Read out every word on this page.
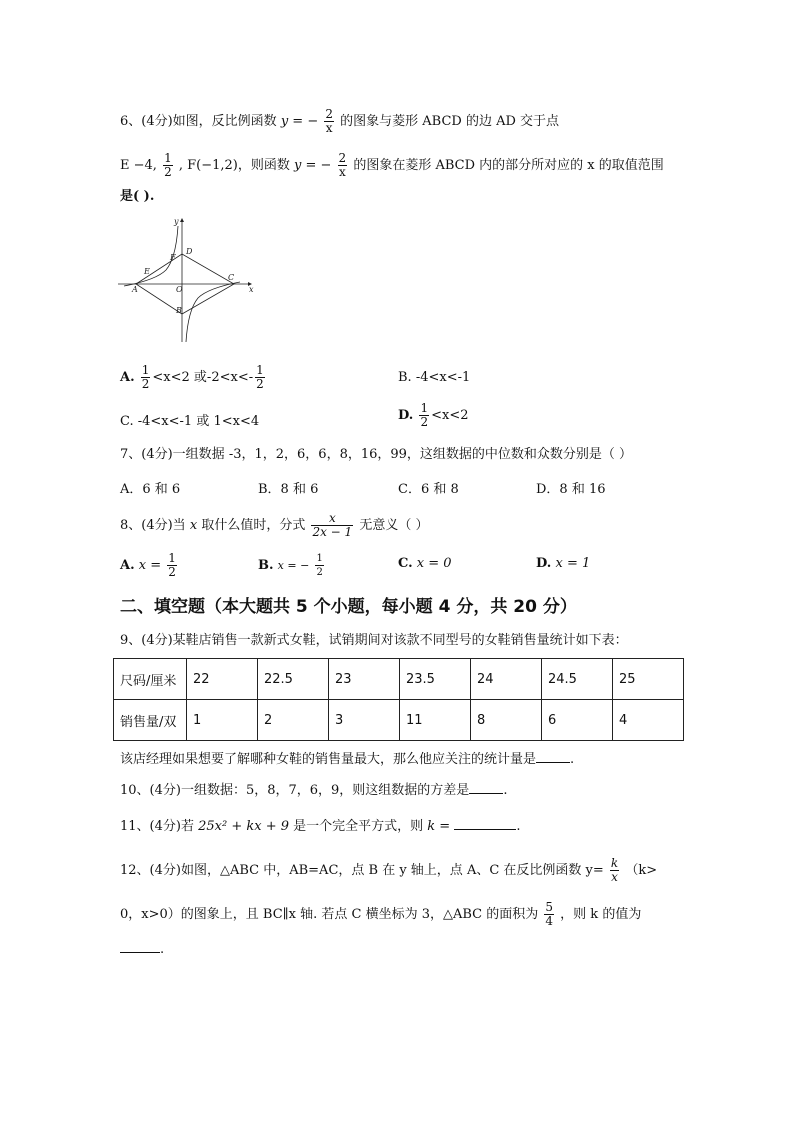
6、(4分)如图，反比例函数 y = − $\frac{2}{x}$ 的图象与菱形 ABCD 的边 AD 交于点
E −4, $\frac{1}{2}$ , F(−1,2)，则函数 y = − $\frac{2}{x}$ 的图象在菱形 ABCD 内的部分所对应的 x 的取值范围
是( ).
y
x
D
F
E
A	O
C
B
A. $\frac{1}{2} <x<2$ 或$-2<x<- \frac{1}{2}$	B. -4<x<-1
C. -4<x<-1 或 1<x<4	D. $\frac{1}{2} <x<2$
7、(4分)一组数据 -3，1，2，6，6，8，16，99，这组数据的中位数和众数分别是（ ）
A．6 和 6	B．8 和 6	C．6 和 8	D．8 和 16
8、(4分)当 x 取什么值时，分式 $\frac{x}{2x - 1}$ 无意义（ ）
A. $x = \frac{1}{2}$	B. x = − $\frac{1}{2}$	C. x = 0	D. x = 1
二、填空题（本大题共 5 个小题，每小题 4 分，共 20 分）
9、(4分)某鞋店销售一款新式女鞋，试销期间对该款不同型号的女鞋销售量统计如下表：
尺码/厘米	22	22.5	23	23.5	24	24.5	25
销售量/双	1	2	3	11	8	6	4
该店经理如果想要了解哪种女鞋的销售量最大，那么他应关注的统计量是	.
10、(4分)一组数据：5，8，7，6，9，则这组数据的方差是	.
11、(4分)若 25x² + kx + 9 是一个完全平方式，则 k =	.
12、(4分)如图，△ABC 中，AB=AC，点 B 在 y 轴上，点 A、C 在反比例函数 $y= \frac{k}{x} (k>$
0，x>0）的图象上，且 BC∥x 轴. 若点 C 横坐标为 3，△ABC 的面积为 $\frac{5}{4}$ ，则 k 的值为
.
